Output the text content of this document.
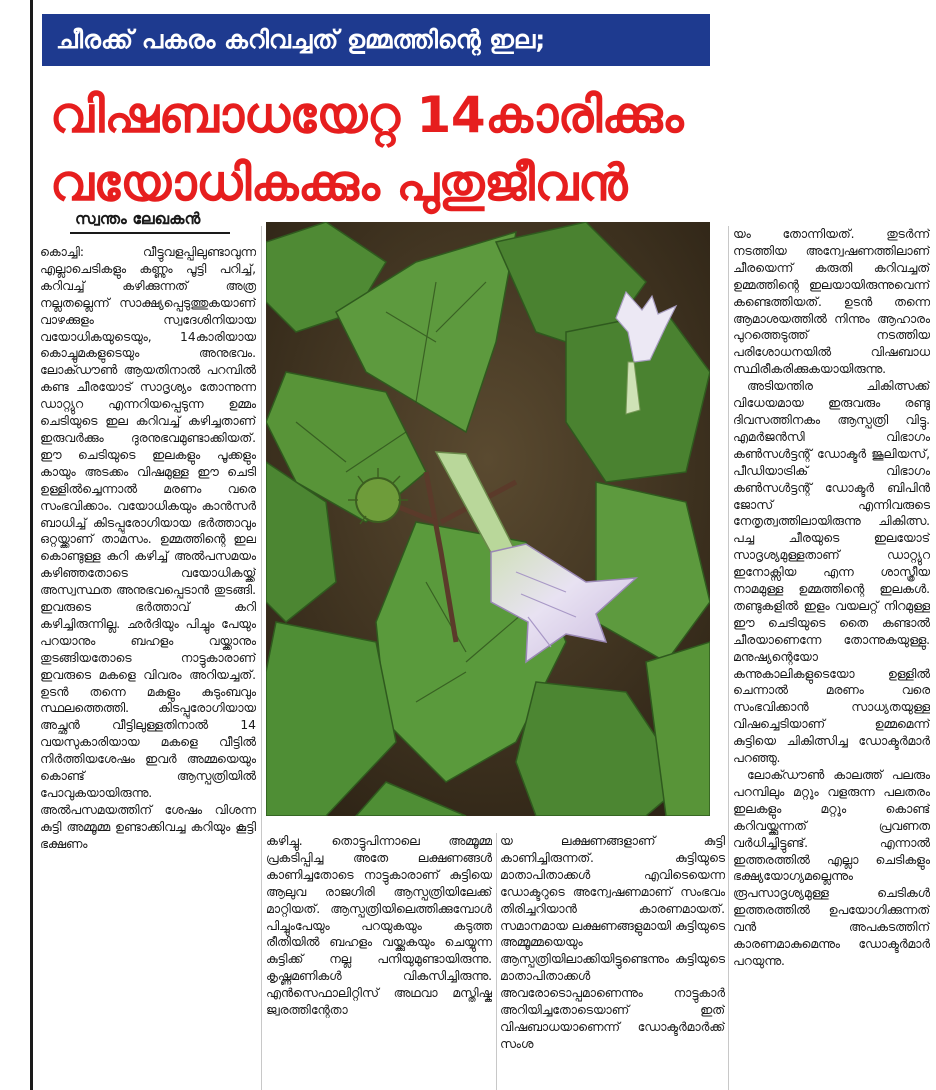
ചീരക്ക് പകരം കറിവച്ചത് ഉമ്മത്തിന്റെ ഇല;
വിഷബാധയേറ്റ 14കാരിക്കും
വയോധികക്കും പുതുജീവൻ
സ്വന്തം ലേഖകൻ

കൊച്ചി: വീട്ടുവളപ്പിലുണ്ടാവുന്ന എല്ലാചെടികളും കണ്ണും പൂട്ടി പറിച്ച്, കറിവച്ച് കഴിക്കുന്നത് അത്ര നല്ലതല്ലെന്ന് സാക്ഷ്യപ്പെടുത്തുകയാണ് വാഴക്കുളം സ്വദേശിനിയായ വയോധികയുടെയും, 14കാരിയായ കൊച്ചുമകളുടെയും അനുഭവം. ലോക്ഡൗൺ ആയതിനാൽ പറമ്പിൽ കണ്ട ചീരയോട് സാദൃശ്യം തോന്നുന്ന ഡാറ്റ്യുറ എന്നറിയപ്പെടുന്ന ഉമ്മം ചെടിയുടെ ഇല കറിവച്ച് കഴിച്ചതാണ് ഇരുവർക്കും ദുരനുഭവമുണ്ടാക്കിയത്. ഈ ചെടിയുടെ ഇലകളും പൂക്കളും കായും അടക്കം വിഷമുള്ള ഈ ചെടി ഉള്ളിൽച്ചെന്നാൽ മരണം വരെ സംഭവിക്കാം. വയോധികയും കാൻസർ ബാധിച്ച് കിടപ്പുരോഗിയായ ഭർത്താവും ഒറ്റയ്ക്കാണ് താമസം. ഉമ്മത്തിന്റെ ഇല കൊണ്ടുള്ള കറി കഴിച്ച് അൽപസമയം കഴിഞ്ഞതോടെ വയോധികയ്ക്ക് അസ്വസ്ഥത അനുഭവപ്പെടാൻ തുടങ്ങി. ഇവരുടെ ഭർത്താവ് കറി കഴിച്ചിരുന്നില്ല. ഛർദിയും പിച്ചും പേയും പറയാനും ബഹളം വയ്ക്കാനും തുടങ്ങിയതോടെ നാട്ടുകാരാണ് ഇവരുടെ മകളെ വിവരം അറിയച്ചത്. ഉടൻ തന്നെ മകളും കുടുംബവും സ്ഥലത്തെത്തി. കിടപ്പുരോഗിയായ അച്ഛൻ വീട്ടിലുള്ളതിനാൽ 14 വയസുകാരിയായ മകളെ വീട്ടിൽ നിർത്തിയശേഷം ഇവർ അമ്മയെയും കൊണ്ട് ആസ്പത്രിയിൽ പോവുകയായിരുന്നു. അൽപസമയത്തിന് ശേഷം വിശന്ന കുട്ടി അമ്മൂമ്മ ഉണ്ടാക്കിവച്ച കറിയും കൂട്ടി ഭക്ഷണം	കഴിച്ചു. തൊട്ടുപിന്നാലെ അമ്മൂമ്മ പ്രകടിപ്പിച്ച അതേ ലക്ഷണങ്ങൾ കാണിച്ചതോടെ നാട്ടുകാരാണ് കുട്ടിയെ ആലുവ രാജഗിരി ആസ്പത്രിയിലേക്ക് മാറ്റിയത്. ആസ്പത്രിയിലെത്തിക്കുമ്പോൾ പിച്ചുംപേയും പറയുകയും കടുത്ത രീതിയിൽ ബഹളം വയ്ക്കുകയും ചെയ്യുന്ന കുട്ടിക്ക് നല്ല പനിയുമുണ്ടായിരുന്നു. കൃഷ്ണമണികൾ വികസിച്ചിരുന്നു. എൻസെഫാലിറ്റിസ് അഥവാ മസ്തിഷ്ക ജ്വരത്തിന്റേതാ

യ ലക്ഷണങ്ങളാണ് കുട്ടി കാണിച്ചിരുന്നത്. കുട്ടിയുടെ മാതാപിതാക്കൾ എവിടെയെന്ന ഡോക്ടറുടെ അന്വേഷണമാണ് സംഭവം തിരിച്ചറിയാൻ കാരണമായത്. സമാനമായ ലക്ഷണങ്ങളുമായി കുട്ടിയുടെ അമ്മൂമ്മയെയും ആസ്പത്രിയിലാക്കിയിട്ടുണ്ടെന്നും കുട്ടിയുടെ മാതാപിതാക്കൾ അവരോടൊപ്പമാണെന്നും നാട്ടുകാർ അറിയിച്ചതോടെയാണ് ഇത് വിഷബാധയാണെന്ന് ഡോക്ടർമാർക്ക് സംശ

യം തോന്നിയത്. തുടർന്ന് നടത്തിയ അന്വേഷണത്തിലാണ് ചീരയെന്ന് കരുതി കറിവച്ചത് ഉമ്മത്തിന്റെ ഇലയായിരുന്നുവെന്ന് കണ്ടെത്തിയത്. ഉടൻ തന്നെ ആമാശയത്തിൽ നിന്നും ആഹാരം പുറത്തെടുത്ത് നടത്തിയ പരിശോധനയിൽ വിഷബാധ സ്ഥിരീകരിക്കുകയായിരുന്നു.

അടിയന്തിര ചികിത്സക്ക് വിധേയമായ ഇരുവരും രണ്ടു ദിവസത്തിനകം ആസ്പത്രി വിട്ടു. എമർജൻസി വിഭാഗം കൺസൾട്ടന്റ് ഡോക്ടർ ജൂലിയസ്, പീഡിയാട്രിക് വിഭാഗം കൺസൾട്ടന്റ് ഡോക്ടർ ബിപിൻ ജോസ് എന്നിവരുടെ നേതൃത്വത്തിലായിരുന്നു ചികിത്സ. പച്ച ചീരയുടെ ഇലയോട് സാദൃശ്യമുള്ളതാണ് ഡാറ്റ്യുറ ഇനോക്സിയ എന്ന ശാസ്ത്രീയ നാമമുള്ള ഉമ്മത്തിന്റെ ഇലകൾ. തണ്ടുകളിൽ ഇളം വയലറ്റ് നിറമുള്ള ഈ ചെടിയുടെ തൈ കണ്ടാൽ ചീരയാണെന്നേ തോന്നുകയുള്ളു. മനുഷ്യന്റെയോ കന്നുകാലികളുടെയോ ഉള്ളിൽ ചെന്നാൽ മരണം വരെ സംഭവിക്കാൻ സാധ്യതയുള്ള വിഷച്ചെടിയാണ് ഉമ്മമെന്ന് കുട്ടിയെ ചികിത്സിച്ച ഡോക്ടർമാർ പറഞ്ഞു.

ലോക്ഡൗൺ കാലത്ത് പലരും പറമ്പിലും മറ്റും വളരുന്ന പലതരം ഇലകളും മറ്റും കൊണ്ട് കറിവയ്ക്കുന്നത് പ്രവണത വർധിച്ചിട്ടുണ്ട്. എന്നാൽ ഇത്തരത്തിൽ എല്ലാ ചെടികളും ഭക്ഷ്യയോഗ്യമല്ലെന്നും രൂപസാദൃശ്യമുള്ള ചെടികൾ ഇത്തരത്തിൽ ഉപയോഗിക്കുന്നത് വൻ അപകടത്തിന് കാരണമാകുമെന്നും ഡോക്ടർമാർ പറയുന്നു.
